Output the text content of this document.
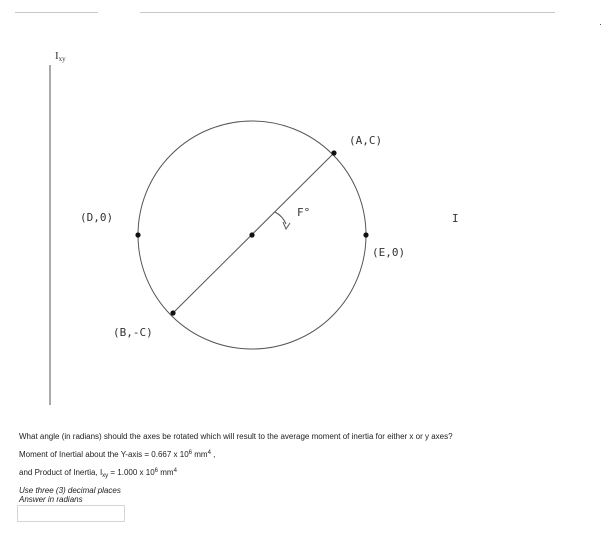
(A,C)
(D,0)
(E,0)
(B,-C)
F°	I
$I_{xy}$

What angle (in radians) should the axes be rotated which will result to the average moment of inertia for either x or y axes?

Moment of Inertial about the Y-axis = 0.667 x $10^6$ $mm^4$ ,

and Product of Inertia, $I_{xy} = 1.000$ x $10^6$ $mm^4$

Use three (3) decimal places

Answer in radians
